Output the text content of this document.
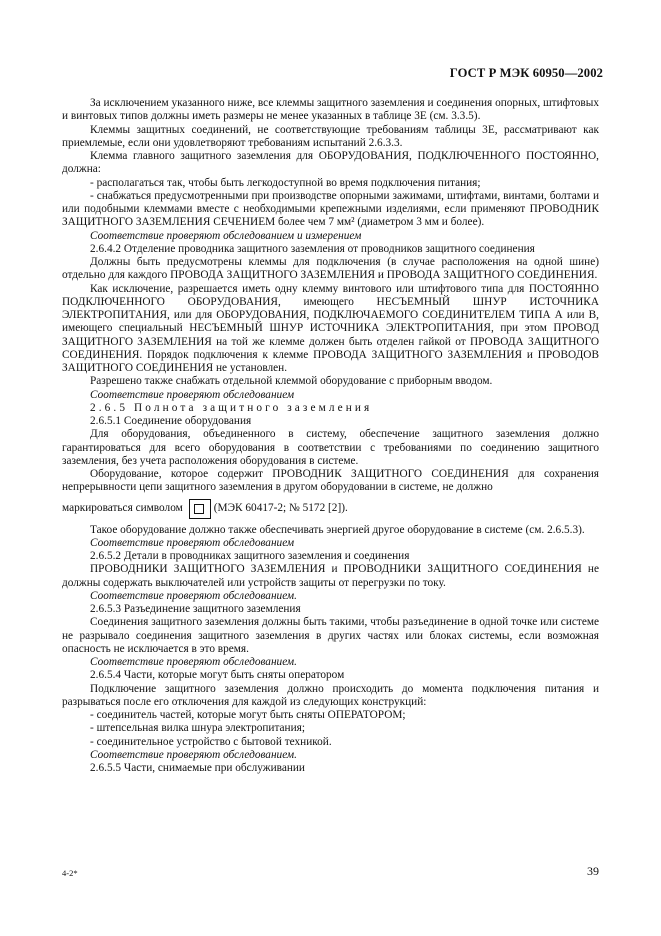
ГОСТ Р МЭК 60950—2002

За исключением указанного ниже, все клеммы защитного заземления и соединения опорных, штифтовых и винтовых типов должны иметь размеры не менее указанных в таблице 3Е (см. 3.3.5).

Клеммы защитных соединений, не соответствующие требованиям таблицы 3Е, рассматривают как приемлемые, если они удовлетворяют требованиям испытаний 2.6.3.3.

Клемма главного защитного заземления для ОБОРУДОВАНИЯ, ПОДКЛЮЧЕННОГО ПОСТОЯННО, должна:

- располагаться так, чтобы быть легкодоступной во время подключения питания;

- снабжаться предусмотренными при производстве опорными зажимами, штифтами, винтами, болтами и или подобными клеммами вместе с необходимыми крепежными изделиями, если применяют ПРОВОДНИК ЗАЩИТНОГО ЗАЗЕМЛЕНИЯ СЕЧЕНИЕМ более чем 7 мм² (диаметром 3 мм и более).

Соответствие проверяют обследованием и измерением

2.6.4.2 Отделение проводника защитного заземления от проводников защитного соединения

Должны быть предусмотрены клеммы для подключения (в случае расположения на одной шине) отдельно для каждого ПРОВОДА ЗАЩИТНОГО ЗАЗЕМЛЕНИЯ и ПРОВОДА ЗАЩИТНОГО СОЕДИНЕНИЯ.

Как исключение, разрешается иметь одну клемму винтового или штифтового типа для ПОСТОЯННО ПОДКЛЮЧЕННОГО ОБОРУДОВАНИЯ, имеющего НЕСЪЕМНЫЙ ШНУР ИСТОЧНИКА ЭЛЕКТРОПИТАНИЯ, или для ОБОРУДОВАНИЯ, ПОДКЛЮЧАЕМОГО СОЕДИНИТЕЛЕМ ТИПА А или В, имеющего специальный НЕСЪЕМНЫЙ ШНУР ИСТОЧНИКА ЭЛЕКТРОПИТАНИЯ, при этом ПРОВОД ЗАЩИТНОГО ЗАЗЕМЛЕНИЯ на той же клемме должен быть отделен гайкой от ПРОВОДА ЗАЩИТНОГО СОЕДИНЕНИЯ. Порядок подключения к клемме ПРОВОДА ЗАЩИТНОГО ЗАЗЕМЛЕНИЯ и ПРОВОДОВ ЗАЩИТНОГО СОЕДИНЕНИЯ не установлен.

Разрешено также снабжать отдельной клеммой оборудование с приборным вводом.

Соответствие проверяют обследованием

2.6.5 Полнота защитного заземления

2.6.5.1 Соединение оборудования

Для оборудования, объединенного в систему, обеспечение защитного заземления должно гарантироваться для всего оборудования в соответствии с требованиями по соединению защитного заземления, без учета расположения оборудования в системе.

Оборудование, которое содержит ПРОВОДНИК ЗАЩИТНОГО СОЕДИНЕНИЯ для сохранения непрерывности цепи защитного заземления в другом оборудовании в системе, не должно

маркироваться символом	(МЭК 60417-2; № 5172 [2]).

Такое оборудование должно также обеспечивать энергией другое оборудование в системе (см. 2.6.5.3).

Соответствие проверяют обследованием

2.6.5.2 Детали в проводниках защитного заземления и соединения

ПРОВОДНИКИ ЗАЩИТНОГО ЗАЗЕМЛЕНИЯ и ПРОВОДНИКИ ЗАЩИТНОГО СОЕДИНЕНИЯ не должны содержать выключателей или устройств защиты от перегрузки по току.

Соответствие проверяют обследованием.

2.6.5.3 Разъединение защитного заземления

Соединения защитного заземления должны быть такими, чтобы разъединение в одной точке или системе не разрывало соединения защитного заземления в других частях или блоках системы, если возможная опасность не исключается в это время.

Соответствие проверяют обследованием.

2.6.5.4 Части, которые могут быть сняты оператором

Подключение защитного заземления должно происходить до момента подключения питания и разрываться после его отключения для каждой из следующих конструкций:

- соединитель частей, которые могут быть сняты ОПЕРАТОРОМ;

- штепсельная вилка шнура электропитания;

- соединительное устройство с бытовой техникой.

Соответствие проверяют обследованием.

2.6.5.5 Части, снимаемые при обслуживании

4-2*	39
